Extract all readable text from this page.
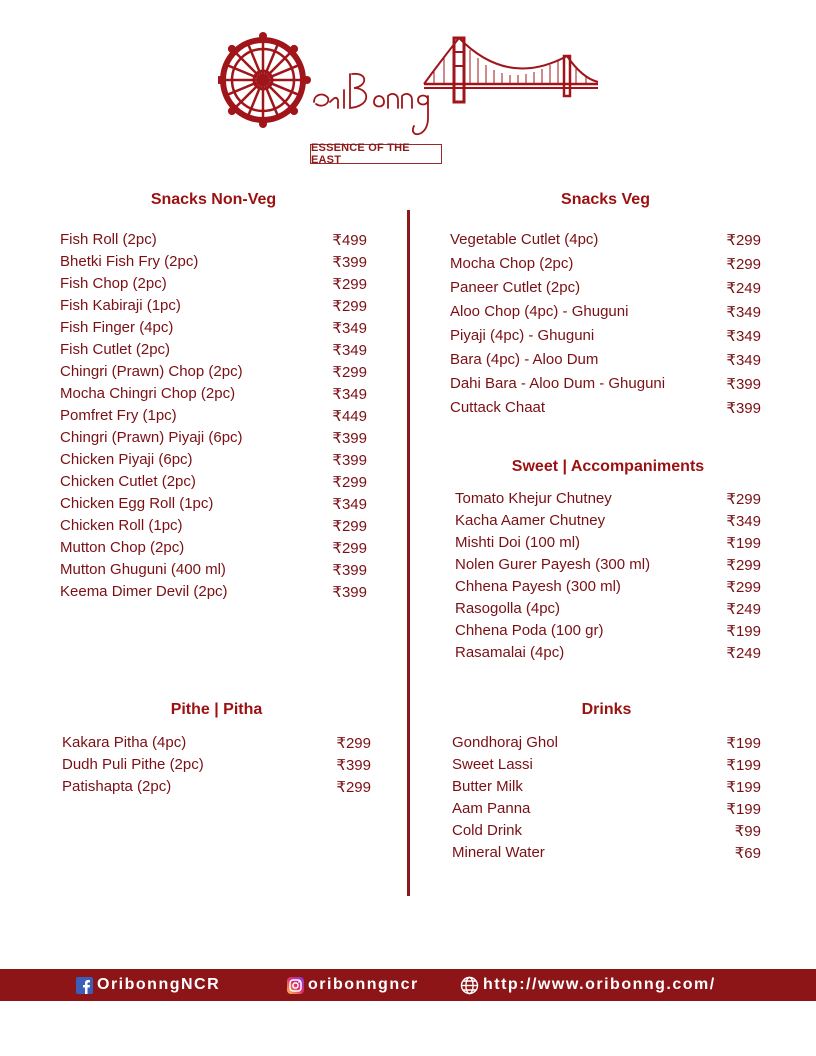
ESSENCE OF THE EAST
Snacks Non-Veg
Fish Roll (2pc)	₹499
Bhetki Fish Fry (2pc)	₹399
Fish Chop (2pc)	₹299
Fish Kabiraji (1pc)	₹299
Fish Finger (4pc)	₹349
Fish Cutlet (2pc)	₹349
Chingri (Prawn) Chop (2pc)	₹299
Mocha Chingri Chop (2pc)	₹349
Pomfret Fry (1pc)	₹449
Chingri (Prawn) Piyaji (6pc)	₹399
Chicken Piyaji (6pc)	₹399
Chicken Cutlet (2pc)	₹299
Chicken Egg Roll (1pc)	₹349
Chicken Roll (1pc)	₹299
Mutton Chop (2pc)	₹299
Mutton Ghuguni (400 ml)	₹399
Keema Dimer Devil (2pc)	₹399
Snacks Veg
Vegetable Cutlet (4pc)	₹299
Mocha Chop (2pc)	₹299
Paneer Cutlet (2pc)	₹249
Aloo Chop (4pc) - Ghuguni	₹349
Piyaji (4pc) - Ghuguni	₹349
Bara (4pc) - Aloo Dum	₹349
Dahi Bara - Aloo Dum - Ghuguni	₹399
Cuttack Chaat	₹399
Sweet | Accompaniments
Tomato Khejur Chutney	₹299
Kacha Aamer Chutney	₹349
Mishti Doi (100 ml)	₹199
Nolen Gurer Payesh (300 ml)	₹299
Chhena Payesh (300 ml)	₹299
Rasogolla (4pc)	₹249
Chhena Poda (100 gr)	₹199
Rasamalai (4pc)	₹249
Pithe | Pitha
Kakara Pitha (4pc)	₹299
Dudh Puli Pithe (2pc)	₹399
Patishapta (2pc)	₹299
Drinks
Gondhoraj Ghol	₹199
Sweet Lassi	₹199
Butter Milk	₹199
Aam Panna	₹199
Cold Drink	₹99
Mineral Water	₹69
OribonngNCR	oribonngncr	http://www.oribonng.com/
